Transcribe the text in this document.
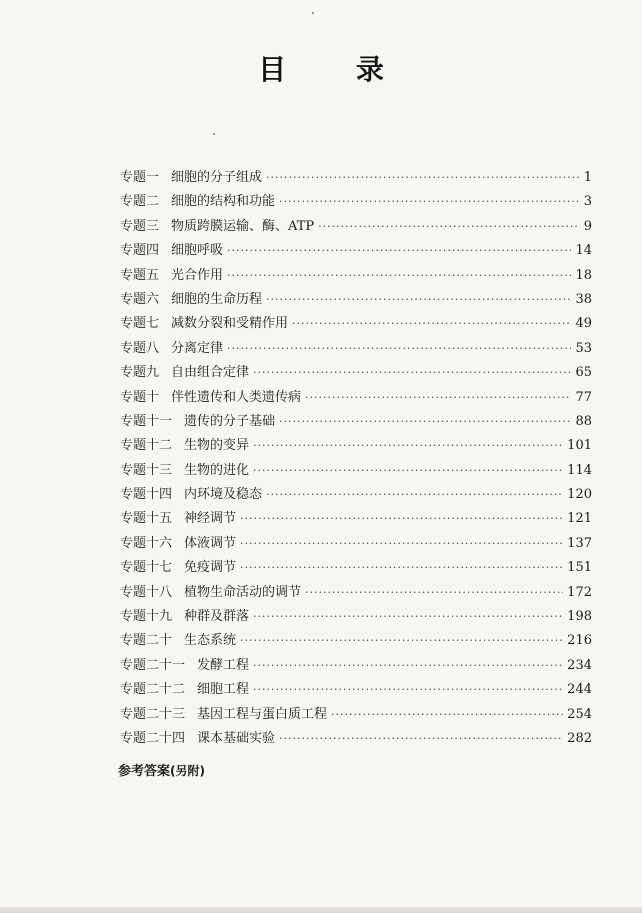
目 录
专题一 细胞的分子组成 ·····	1
专题二 细胞的结构和功能 ·····	3
专题三 物质跨膜运输、酶、ATP ·····	9
专题四 细胞呼吸 ·····	14
专题五 光合作用 ·····	18
专题六 细胞的生命历程 ·····	38
专题七 减数分裂和受精作用 ·····	49
专题八 分离定律 ·····	53
专题九 自由组合定律 ·····	65
专题十 伴性遗传和人类遗传病 ·····	77
专题十一 遗传的分子基础 ·····	88
专题十二 生物的变异 ·····	101
专题十三 生物的进化 ·····	114
专题十四 内环境及稳态 ·····	120
专题十五 神经调节 ·····	121
专题十六 体液调节 ·····	137
专题十七 免疫调节 ·····	151
专题十八 植物生命活动的调节 ·····	172
专题十九 种群及群落 ·····	198
专题二十 生态系统 ·····	216
专题二十一 发酵工程 ·····	234
专题二十二 细胞工程 ·····	244
专题二十三 基因工程与蛋白质工程 ·····	254
专题二十四 课本基础实验 ·····	282
参考答案(另附)
